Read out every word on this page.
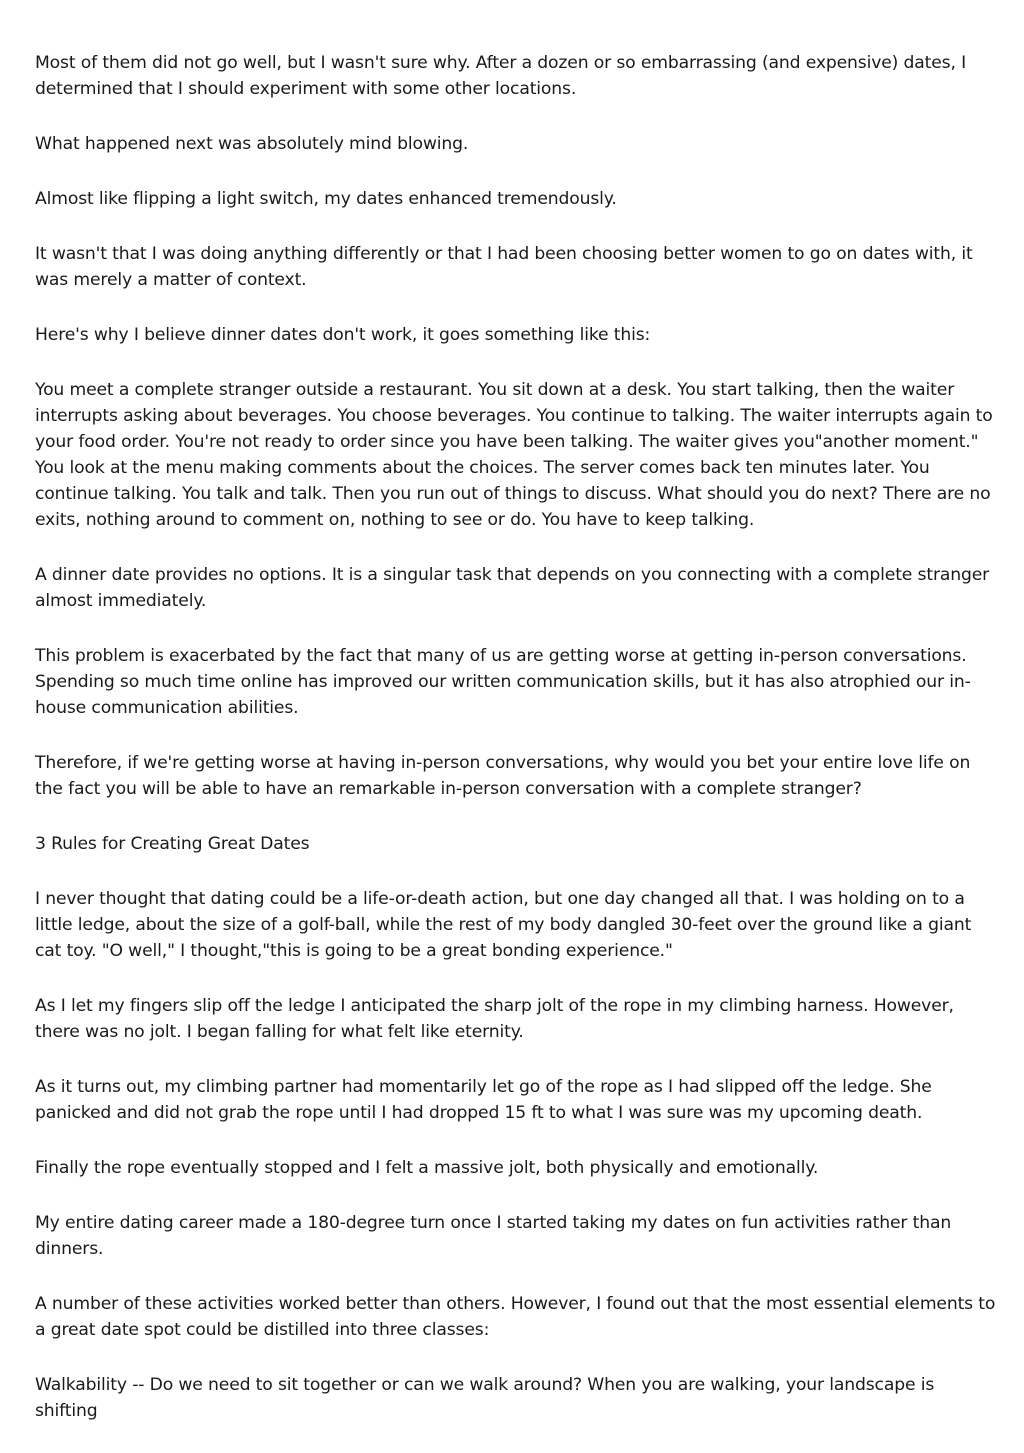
Most of them did not go well, but I wasn't sure why. After a dozen or so embarrassing (and expensive) dates, I determined that I should experiment with some other locations.

What happened next was absolutely mind blowing.

Almost like flipping a light switch, my dates enhanced tremendously.

It wasn't that I was doing anything differently or that I had been choosing better women to go on dates with, it was merely a matter of context.

Here's why I believe dinner dates don't work, it goes something like this:

You meet a complete stranger outside a restaurant. You sit down at a desk. You start talking, then the waiter interrupts asking about beverages. You choose beverages. You continue to talking. The waiter interrupts again to your food order. You're not ready to order since you have been talking. The waiter gives you"another moment." You look at the menu making comments about the choices. The server comes back ten minutes later. You continue talking. You talk and talk. Then you run out of things to discuss. What should you do next? There are no exits, nothing around to comment on, nothing to see or do. You have to keep talking.

A dinner date provides no options. It is a singular task that depends on you connecting with a complete stranger almost immediately.

This problem is exacerbated by the fact that many of us are getting worse at getting in-person conversations. Spending so much time online has improved our written communication skills, but it has also atrophied our in-house communication abilities.

Therefore, if we're getting worse at having in-person conversations, why would you bet your entire love life on the fact you will be able to have an remarkable in-person conversation with a complete stranger?

3 Rules for Creating Great Dates

I never thought that dating could be a life-or-death action, but one day changed all that. I was holding on to a little ledge, about the size of a golf-ball, while the rest of my body dangled 30-feet over the ground like a giant cat toy. "O well," I thought,"this is going to be a great bonding experience."

As I let my fingers slip off the ledge I anticipated the sharp jolt of the rope in my climbing harness. However, there was no jolt. I began falling for what felt like eternity.

As it turns out, my climbing partner had momentarily let go of the rope as I had slipped off the ledge. She panicked and did not grab the rope until I had dropped 15 ft to what I was sure was my upcoming death.

Finally the rope eventually stopped and I felt a massive jolt, both physically and emotionally.

My entire dating career made a 180-degree turn once I started taking my dates on fun activities rather than dinners.

A number of these activities worked better than others. However, I found out that the most essential elements to a great date spot could be distilled into three classes:

Walkability -- Do we need to sit together or can we walk around? When you are walking, your landscape is shifting
